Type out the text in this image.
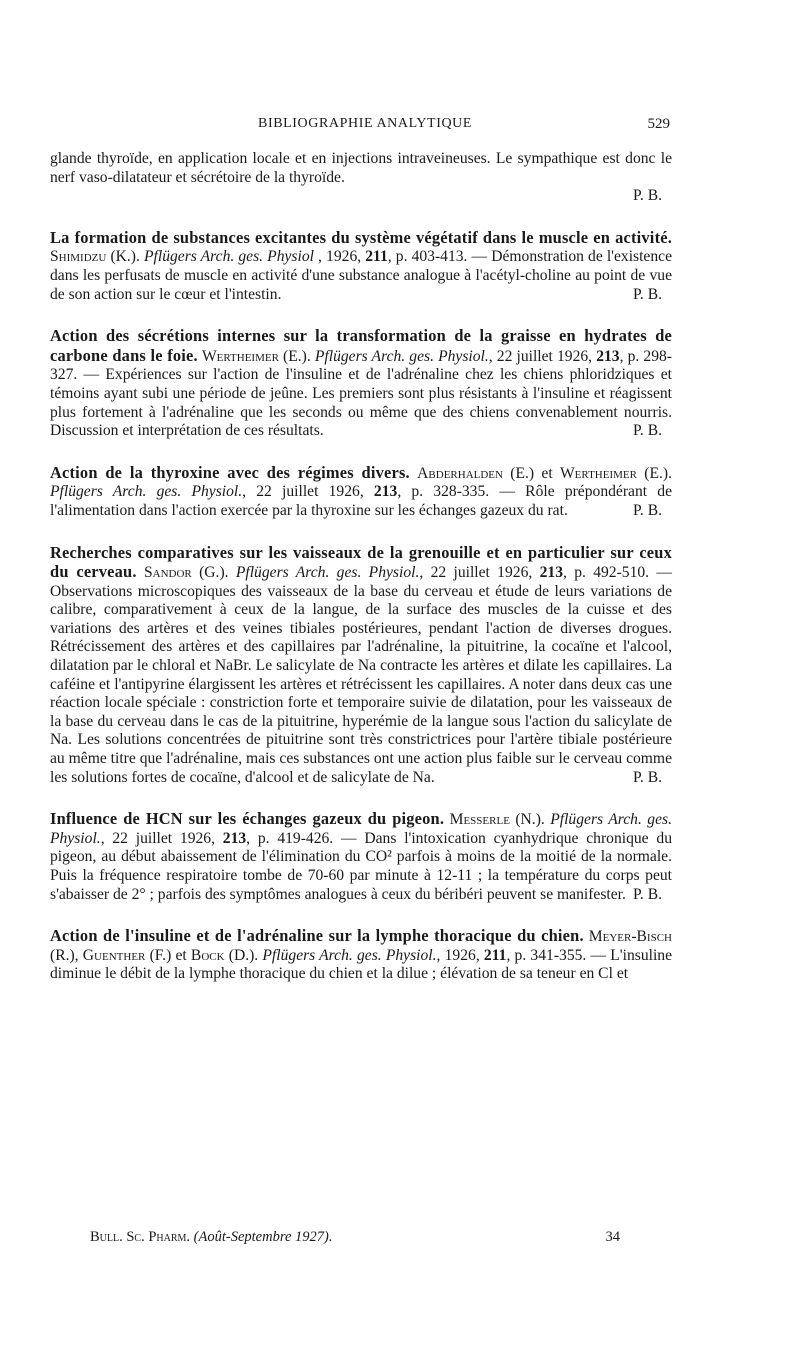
BIBLIOGRAPHIE ANALYTIQUE	529

glande thyroïde, en application locale et en injections intraveineuses. Le sympathique est donc le nerf vaso-dilatateur et sécrétoire de la thyroïde.

P. B.

La formation de substances excitantes du système végétatif dans le muscle en activité. Shimidzu (K.). Pflügers Arch. ges. Physiol , 1926, 211, p. 403-413. — Démonstration de l'existence dans les perfusats de muscle en activité d'une substance analogue à l'acétyl-choline au point de vue de son action sur le cœur et l'intestin.	P. B.

Action des sécrétions internes sur la transformation de la graisse en hydrates de carbone dans le foie. Wertheimer (E.). Pflügers Arch. ges. Physiol., 22 juillet 1926, 213, p. 298-327. — Expériences sur l'action de l'insuline et de l'adrénaline chez les chiens phloridziques et témoins ayant subi une période de jeûne. Les premiers sont plus résistants à l'insuline et réagissent plus fortement à l'adrénaline que les seconds ou même que des chiens convenablement nourris. Discussion et interprétation de ces résultats.	P. B.

Action de la thyroxine avec des régimes divers. Abderhalden (E.) et Wertheimer (E.). Pflügers Arch. ges. Physiol., 22 juillet 1926, 213, p. 328-335. — Rôle prépondérant de l'alimentation dans l'action exercée par la thyroxine sur les échanges gazeux du rat.	P. B.

Recherches comparatives sur les vaisseaux de la grenouille et en particulier sur ceux du cerveau. Sandor (G.). Pflügers Arch. ges. Physiol., 22 juillet 1926, 213, p. 492-510. — Observations microscopiques des vaisseaux de la base du cerveau et étude de leurs variations de calibre, comparativement à ceux de la langue, de la surface des muscles de la cuisse et des variations des artères et des veines tibiales postérieures, pendant l'action de diverses drogues. Rétrécissement des artères et des capillaires par l'adrénaline, la pituitrine, la cocaïne et l'alcool, dilatation par le chloral et NaBr. Le salicylate de Na contracte les artères et dilate les capillaires. La caféine et l'antipyrine élargissent les artères et rétrécissent les capillaires. A noter dans deux cas une réaction locale spéciale : constriction forte et temporaire suivie de dilatation, pour les vaisseaux de la base du cerveau dans le cas de la pituitrine, hyperémie de la langue sous l'action du salicylate de Na. Les solutions concentrées de pituitrine sont très constrictrices pour l'artère tibiale postérieure au même titre que l'adrénaline, mais ces substances ont une action plus faible sur le cerveau comme les solutions fortes de cocaïne, d'alcool et de salicylate de Na.	P. B.

Influence de HCN sur les échanges gazeux du pigeon. Messerle (N.). Pflügers Arch. ges. Physiol., 22 juillet 1926, 213, p. 419-426. — Dans l'intoxication cyanhydrique chronique du pigeon, au début abaissement de l'élimination du CO² parfois à moins de la moitié de la normale. Puis la fréquence respiratoire tombe de 70-60 par minute à 12-11 ; la température du corps peut s'abaisser de 2° ; parfois des symptômes analogues à ceux du béribéri peuvent se manifester. P. B.

Action de l'insuline et de l'adrénaline sur la lymphe thoracique du chien. Meyer-Bisch (R.), Guenther (F.) et Bock (D.). Pflügers Arch. ges. Physiol., 1926, 211, p. 341-355. — L'insuline diminue le débit de la lymphe thoracique du chien et la dilue ; élévation de sa teneur en Cl et

Bull. Sc. Pharm. (Août-Septembre 1927).	34
